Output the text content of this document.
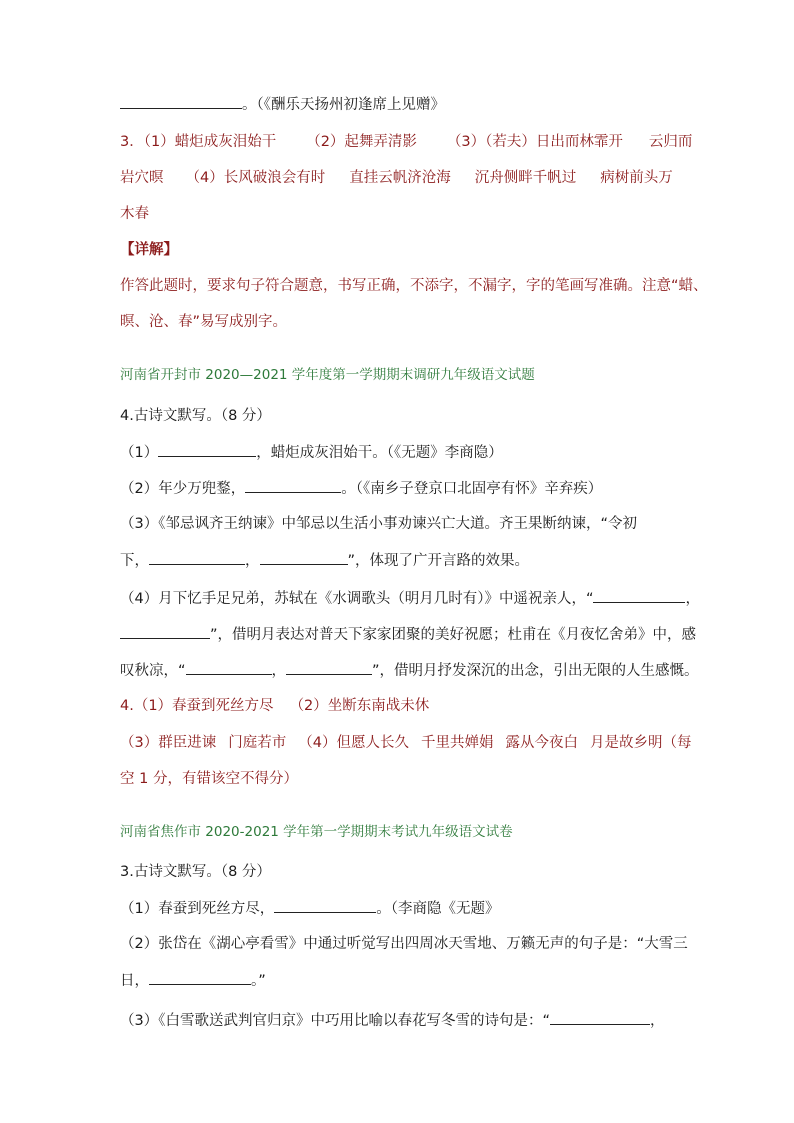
。（《酬乐天扬州初逢席上见赠》
3．（1）蜡炬成灰泪始干 （2）起舞弄清影 （3）（若夫）日出而林霏开 云归而
岩穴暝 （4）长风破浪会有时 直挂云帆济沧海 沉舟侧畔千帆过 病树前头万
木春
【详解】
作答此题时，要求句子符合题意，书写正确，不添字，不漏字，字的笔画写准确。注意“蜡、
暝、沧、春”易写成别字。
河南省开封市 2020—2021 学年度第一学期期末调研九年级语文试题
4.古诗文默写。（8 分）
（1）	，蜡炬成灰泪始干。（《无题》李商隐）
（2）年少万兜鍪，	。（《南乡子登京口北固亭有怀》辛弃疾）
（3）《邹忌讽齐王纳谏》中邹忌以生活小事劝谏兴亡大道。齐王果断纳谏，“令初
下，	，	”，体现了广开言路的效果。
（4）月下忆手足兄弟，苏轼在《水调歌头（明月几时有）》中遥祝亲人，“	，
”，借明月表达对普天下家家团聚的美好祝愿；杜甫在《月夜忆舍弟》中，感
叹秋凉，“	，	”，借明月抒发深沉的出念，引出无限的人生感慨。
4.（1）春蚕到死丝方尽 （2）坐断东南战未休
（3）群臣进谏 门庭若市 （4）但愿人长久 千里共婵娟 露从今夜白 月是故乡明（每
空 1 分，有错该空不得分）
河南省焦作市 2020-2021 学年第一学期期末考试九年级语文试卷
3.古诗文默写。（8 分）
（1）春蚕到死丝方尽，	。（李商隐《无题》
（2）张岱在《湖心亭看雪》中通过听觉写出四周冰天雪地、万籁无声的句子是：“大雪三
日，	。”
（3）《白雪歌送武判官归京》中巧用比喻以春花写冬雪的诗句是：“	，
